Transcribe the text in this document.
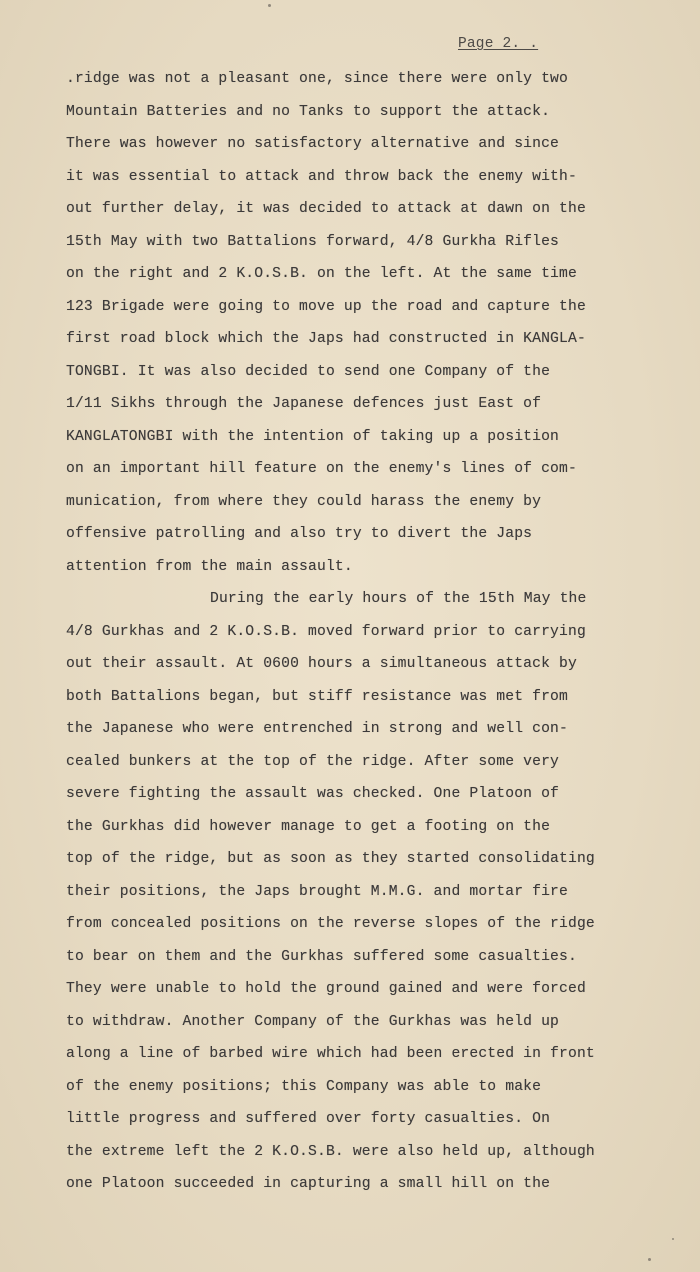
Page 2. .
.ridge was not a pleasant one, since there were only two
Mountain Batteries and no Tanks to support the attack.
There was however no satisfactory alternative and since
it was essential to attack and throw back the enemy with-
out further delay, it was decided to attack at dawn on the
15th May with two Battalions forward, 4/8 Gurkha Rifles
on the right and 2 K.O.S.B. on the left. At the same time
123 Brigade were going to move up the road and capture the
first road block which the Japs had constructed in KANGLA-
TONGBI. It was also decided to send one Company of the
1/11 Sikhs through the Japanese defences just East of
KANGLATONGBI with the intention of taking up a position
on an important hill feature on the enemy's lines of com-
munication, from where they could harass the enemy by
offensive patrolling and also try to divert the Japs
attention from the main assault.
During the early hours of the 15th May the
4/8 Gurkhas and 2 K.O.S.B. moved forward prior to carrying
out their assault. At 0600 hours a simultaneous attack by
both Battalions began, but stiff resistance was met from
the Japanese who were entrenched in strong and well con-
cealed bunkers at the top of the ridge. After some very
severe fighting the assault was checked. One Platoon of
the Gurkhas did however manage to get a footing on the
top of the ridge, but as soon as they started consolidating
their positions, the Japs brought M.M.G. and mortar fire
from concealed positions on the reverse slopes of the ridge
to bear on them and the Gurkhas suffered some casualties.
They were unable to hold the ground gained and were forced
to withdraw. Another Company of the Gurkhas was held up
along a line of barbed wire which had been erected in front
of the enemy positions; this Company was able to make
little progress and suffered over forty casualties. On
the extreme left the 2 K.O.S.B. were also held up, although
one Platoon succeeded in capturing a small hill on the
